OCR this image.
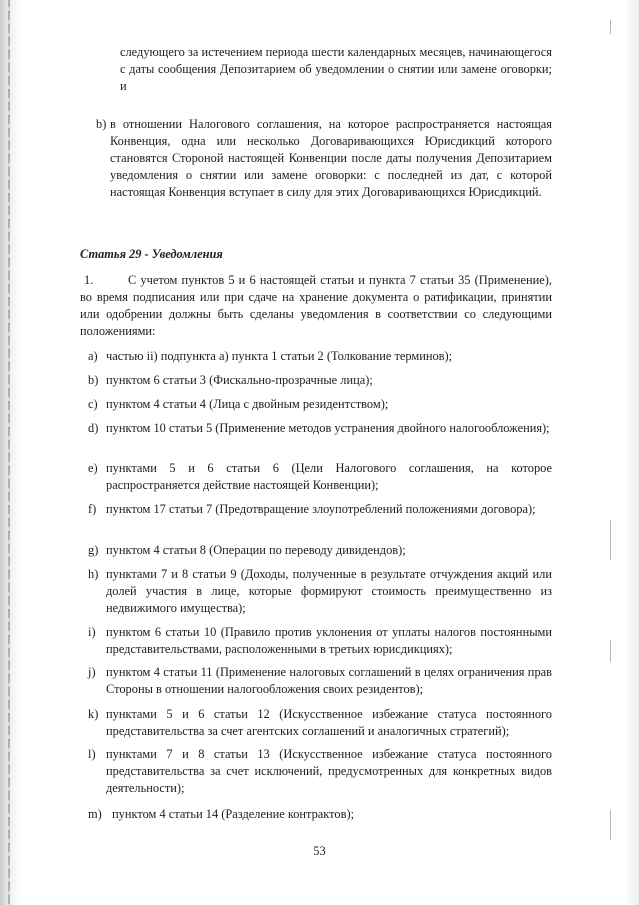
следующего за истечением периода шести календарных месяцев, начинающегося с даты сообщения Депозитарием об уведомлении о снятии или замене оговорки; и
b) в отношении Налогового соглашения, на которое распространяется настоящая Конвенция, одна или несколько Договаривающихся Юрисдикций которого становятся Стороной настоящей Конвенции после даты получения Депозитарием уведомления о снятии или замене оговорки: с последней из дат, с которой настоящая Конвенция вступает в силу для этих Договаривающихся Юрисдикций.
Статья 29 - Уведомления
1.	С учетом пунктов 5 и 6 настоящей статьи и пункта 7 статьи 35 (Применение), во время подписания или при сдаче на хранение документа о ратификации, принятии или одобрении должны быть сделаны уведомления в соответствии со следующими положениями:
a) частью ii) подпункта a) пункта 1 статьи 2 (Толкование терминов);
b) пунктом 6 статьи 3 (Фискально-прозрачные лица);
c) пунктом 4 статьи 4 (Лица с двойным резидентством);
d) пунктом 10 статьи 5 (Применение методов устранения двойного налогообложения);
e) пунктами 5 и 6 статьи 6 (Цели Налогового соглашения, на которое распространяется действие настоящей Конвенции);
f) пунктом 17 статьи 7 (Предотвращение злоупотреблений положениями договора);
g) пунктом 4 статьи 8 (Операции по переводу дивидендов);
h) пунктами 7 и 8 статьи 9 (Доходы, полученные в результате отчуждения акций или долей участия в лице, которые формируют стоимость преимущественно из недвижимого имущества);
i) пунктом 6 статьи 10 (Правило против уклонения от уплаты налогов постоянными представительствами, расположенными в третьих юрисдикциях);
j) пунктом 4 статьи 11 (Применение налоговых соглашений в целях ограничения прав Стороны в отношении налогообложения своих резидентов);
k) пунктами 5 и 6 статьи 12 (Искусственное избежание статуса постоянного представительства за счет агентских соглашений и аналогичных стратегий);
l) пунктами 7 и 8 статьи 13 (Искусственное избежание статуса постоянного представительства за счет исключений, предусмотренных для конкретных видов деятельности);
m) пунктом 4 статьи 14 (Разделение контрактов);
53
